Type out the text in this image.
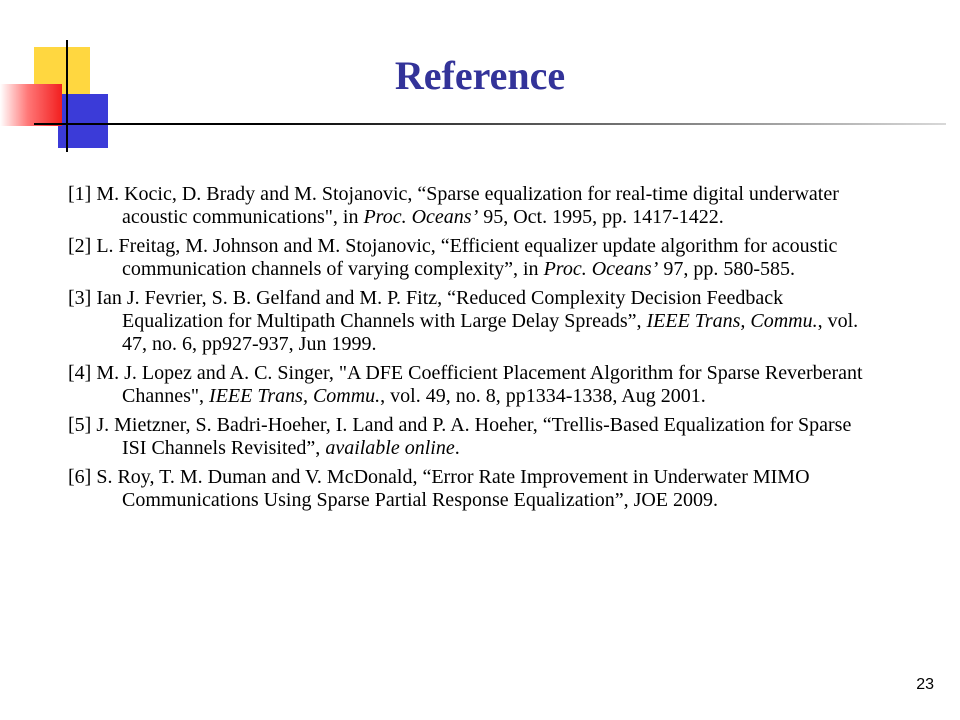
Reference
[1] M. Kocic, D. Brady and M. Stojanovic, “Sparse equalization for real-time digital underwater acoustic communications", in Proc. Oceans’ 95, Oct. 1995, pp. 1417-1422.
[2] L. Freitag, M. Johnson and M. Stojanovic, “Efficient equalizer update algorithm for acoustic communication channels of varying complexity”, in Proc. Oceans’ 97, pp. 580-585.
[3] Ian J. Fevrier, S. B. Gelfand and M. P. Fitz, “Reduced Complexity Decision Feedback Equalization for Multipath Channels with Large Delay Spreads”, IEEE Trans, Commu., vol. 47, no. 6, pp927-937, Jun 1999.
[4] M. J. Lopez and A. C. Singer, "A DFE Coefficient Placement Algorithm for Sparse Reverberant Channes", IEEE Trans, Commu., vol. 49, no. 8, pp1334-1338, Aug 2001.
[5] J. Mietzner, S. Badri-Hoeher, I. Land and P. A. Hoeher, “Trellis-Based Equalization for Sparse ISI Channels Revisited”, available online.
[6] S. Roy, T. M. Duman and V. McDonald, “Error Rate Improvement in Underwater MIMO Communications Using Sparse Partial Response Equalization”, JOE 2009.
23
